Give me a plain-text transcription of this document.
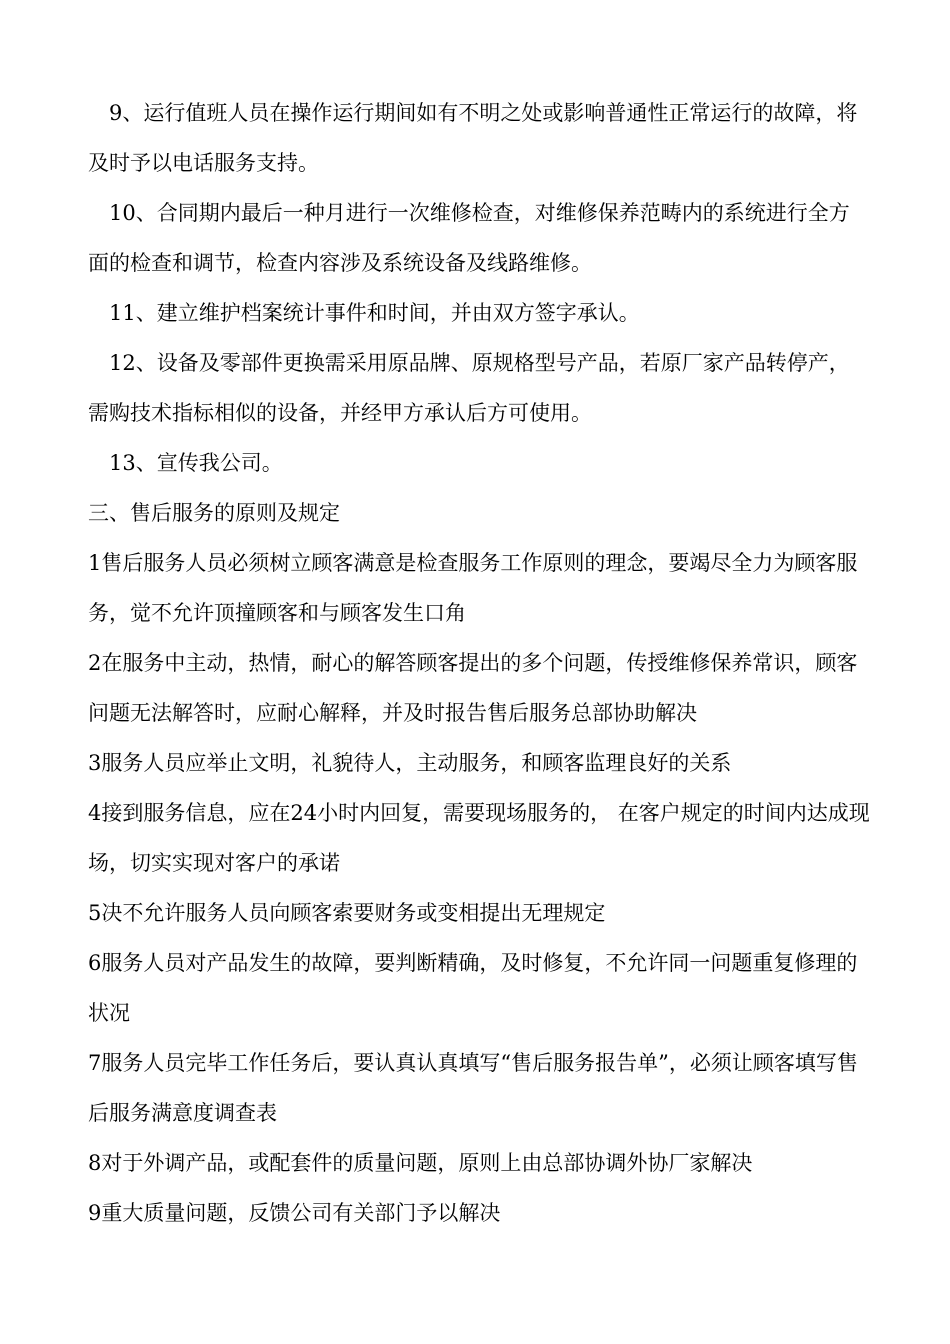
　9、运行值班人员在操作运行期间如有不明之处或影响普通性正常运行的故障，将及时予以电话服务支持。

　10、合同期内最后一种月进行一次维修检查，对维修保养范畴内的系统进行全方面的检查和调节，检查内容涉及系统设备及线路维修。

　11、建立维护档案统计事件和时间，并由双方签字承认。

　12、设备及零部件更换需采用原品牌、原规格型号产品，若原厂家产品转停产，需购技术指标相似的设备，并经甲方承认后方可使用。

　13、宣传我公司。

三、售后服务的原则及规定

1售后服务人员必须树立顾客满意是检查服务工作原则的理念，要竭尽全力为顾客服务，觉不允许顶撞顾客和与顾客发生口角

2在服务中主动，热情，耐心的解答顾客提出的多个问题，传授维修保养常识，顾客问题无法解答时，应耐心解释，并及时报告售后服务总部协助解决

3服务人员应举止文明，礼貌待人，主动服务，和顾客监理良好的关系

4接到服务信息，应在24小时内回复，需要现场服务的， 在客户规定的时间内达成现场，切实实现对客户的承诺

5决不允许服务人员向顾客索要财务或变相提出无理规定

6服务人员对产品发生的故障，要判断精确，及时修复，不允许同一问题重复修理的状况

7服务人员完毕工作任务后，要认真认真填写“售后服务报告单”，必须让顾客填写售后服务满意度调查表

8对于外调产品，或配套件的质量问题，原则上由总部协调外协厂家解决

9重大质量问题，反馈公司有关部门予以解决
